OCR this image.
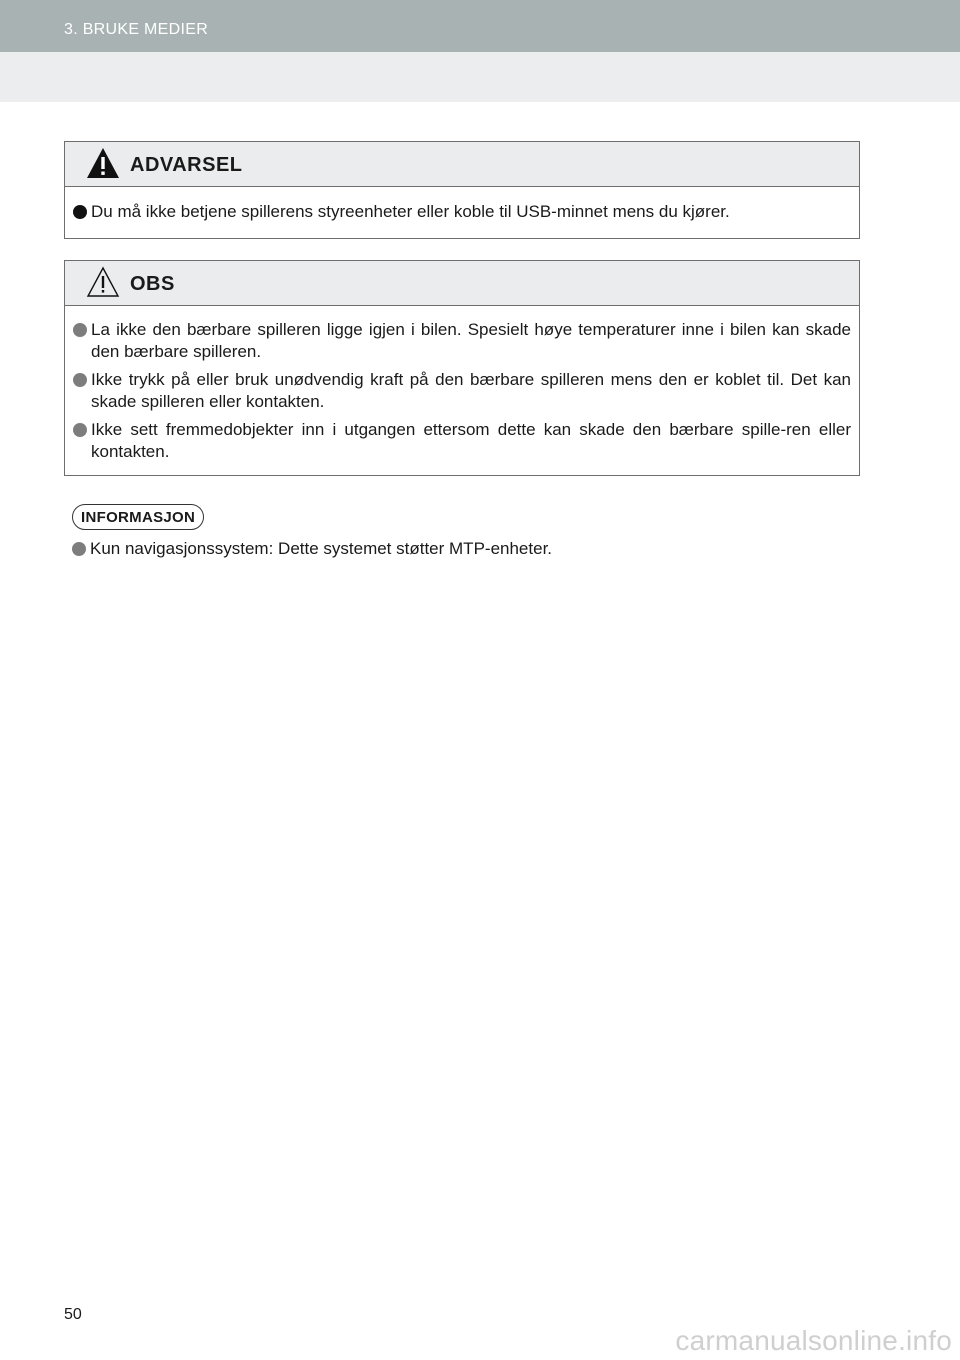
3. BRUKE MEDIER
ADVARSEL
Du må ikke betjene spillerens styreenheter eller koble til USB-minnet mens du kjører.
OBS
La ikke den bærbare spilleren ligge igjen i bilen. Spesielt høye temperaturer inne i bilen kan skade den bærbare spilleren.
Ikke trykk på eller bruk unødvendig kraft på den bærbare spilleren mens den er koblet til. Det kan skade spilleren eller kontakten.
Ikke sett fremmedobjekter inn i utgangen ettersom dette kan skade den bærbare spille-ren eller kontakten.
INFORMASJON
Kun navigasjonssystem: Dette systemet støtter MTP-enheter.
50
carmanualsonline.info
